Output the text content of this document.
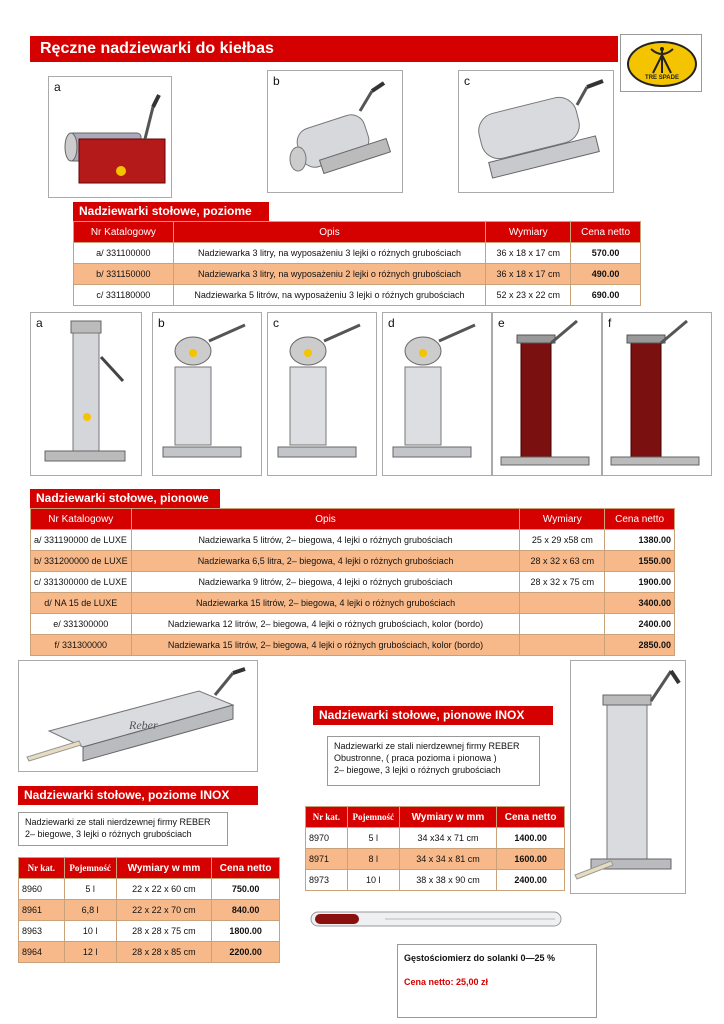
Ręczne nadziewarki do kiełbas
TRE SPADE
a	b	c
Nadziewarki stołowe, poziome
Nr Katalogowy	Opis	Wymiary	Cena netto
a/ 331100000	Nadziewarka 3 litry, na wyposażeniu 3 lejki o różnych grubościach	36 x 18 x 17 cm	570.00
b/ 331150000	Nadziewarka 3 litry, na wyposażeniu 2 lejki o różnych grubościach	36 x 18 x 17 cm	490.00
c/ 331180000	Nadziewarka 5 litrów, na wyposażeniu 3 lejki o różnych grubościach	52 x 23 x 22 cm	690.00
a	b	c	d	e	f
Nadziewarki stołowe, pionowe
Nr Katalogowy	Opis	Wymiary	Cena netto
a/ 331190000 de LUXE	Nadziewarka 5 litrów, 2– biegowa, 4 lejki o różnych grubościach	25 x 29 x58 cm	1380.00
b/ 331200000 de LUXE	Nadziewarka 6,5 litra, 2– biegowa, 4 lejki o różnych grubościach	28 x 32 x 63 cm	1550.00
c/ 331300000 de LUXE	Nadziewarka 9 litrów, 2– biegowa, 4 lejki o różnych grubościach	28 x 32 x 75 cm	1900.00
d/ NA 15 de LUXE	Nadziewarka 15 litrów, 2– biegowa, 4 lejki o różnych grubościach		3400.00
e/ 331300000	Nadziewarka 12 litrów, 2– biegowa, 4 lejki o różnych grubościach, kolor (bordo)		2400.00
f/ 331300000	Nadziewarka 15 litrów, 2– biegowa, 4 lejki o różnych grubościach, kolor (bordo)		2850.00
Reber
Nadziewarki stołowe, pionowe INOX
Nadziewarki ze stali nierdzewnej firmy REBER
Obustronne, ( praca pozioma i pionowa )
2– biegowe, 3 lejki o różnych grubościach
Nr kat.	Pojemność	Wymiary w mm	Cena netto
8970	5 l	34 x34 x 71 cm	1400.00
8971	8 l	34 x 34 x 81 cm	1600.00
8973	10 l	38 x 38 x 90 cm	2400.00
Nadziewarki stołowe, poziome INOX
Nadziewarki ze stali nierdzewnej firmy REBER
2– biegowe, 3 lejki o różnych grubościach
Nr kat.	Pojemność	Wymiary w mm	Cena netto
8960	5 l	22 x 22 x 60 cm	750.00
8961	6,8 l	22 x 22 x 70 cm	840.00
8963	10 l	28 x 28 x 75 cm	1800.00
8964	12 l	28 x 28 x 85 cm	2200.00
Gęstościomierz do solanki 0—25 %
Cena netto: 25,00 zł
